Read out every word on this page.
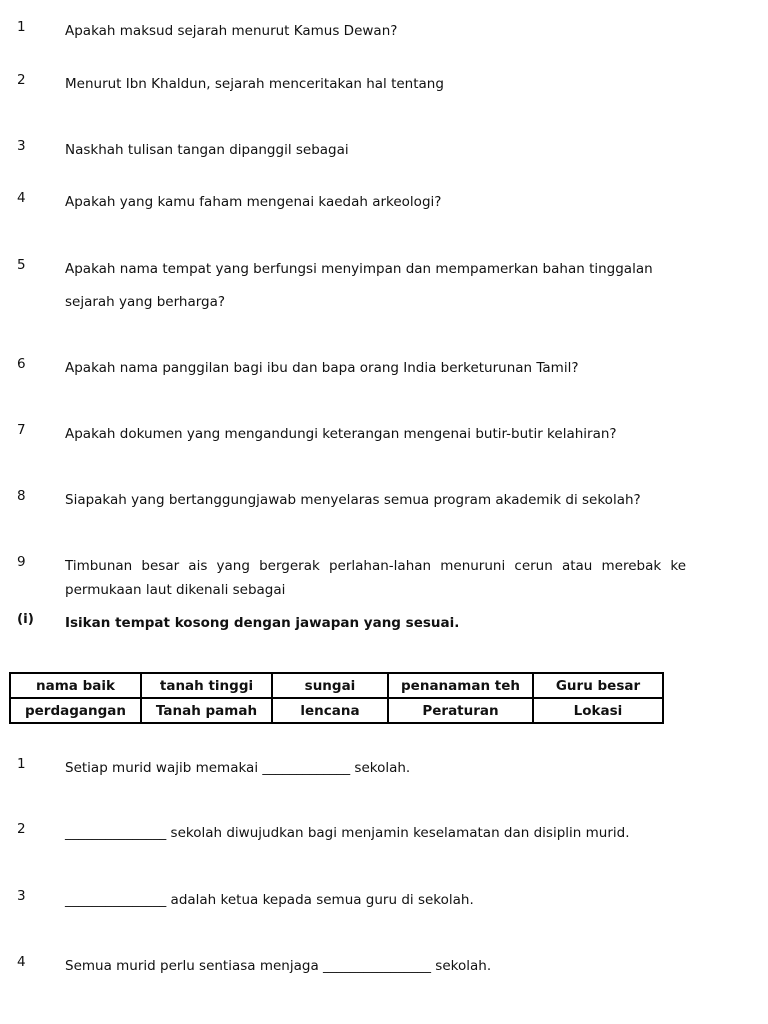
1	Apakah maksud sejarah menurut Kamus Dewan?
2	Menurut Ibn Khaldun, sejarah menceritakan hal tentang
3	Naskhah tulisan tangan dipanggil sebagai
4	Apakah yang kamu faham mengenai kaedah arkeologi?
5	Apakah nama tempat yang berfungsi menyimpan dan mempamerkan bahan tinggalan
sejarah yang berharga?
6	Apakah nama panggilan bagi ibu dan bapa orang India berketurunan Tamil?
7	Apakah dokumen yang mengandungi keterangan mengenai butir-butir kelahiran?
8	Siapakah yang bertanggungjawab menyelaras semua program akademik di sekolah?
9	Timbunan besar ais yang bergerak perlahan-lahan menuruni cerun atau merebak ke
permukaan laut dikenali sebagai
(i) Isikan tempat kosong dengan jawapan yang sesuai.
nama baik	tanah tinggi	sungai	penanaman teh	Guru besar
perdagangan	Tanah pamah	lencana	Peraturan	Lokasi
1	Setiap murid wajib memakai _____________ sekolah.
2	_______________ sekolah diwujudkan bagi menjamin keselamatan dan disiplin murid.
3	_______________ adalah ketua kepada semua guru di sekolah.
4	Semua murid perlu sentiasa menjaga ________________ sekolah.
